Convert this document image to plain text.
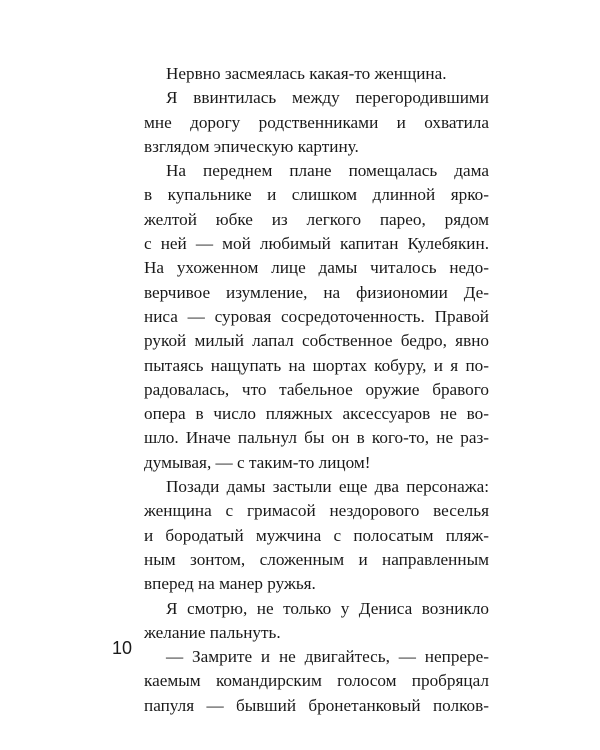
Нервно засмеялась какая-то женщина.
Я ввинтилась между перегородившими
мне дорогу родственниками и охватила
взглядом эпическую картину.
На переднем плане помещалась дама
в купальнике и слишком длинной ярко-
желтой юбке из легкого парео, рядом
с ней — мой любимый капитан Кулебякин.
На ухоженном лице дамы читалось недо-
верчивое изумление, на физиономии Де-
ниса — суровая сосредоточенность. Правой
рукой милый лапал собственное бедро, явно
пытаясь нащупать на шортах кобуру, и я по-
радовалась, что табельное оружие бравого
опера в число пляжных аксессуаров не во-
шло. Иначе пальнул бы он в кого-то, не раз-
думывая, — с таким-то лицом!
Позади дамы застыли еще два персонажа:
женщина с гримасой нездорового веселья
и бородатый мужчина с полосатым пляж-
ным зонтом, сложенным и направленным
вперед на манер ружья.
Я смотрю, не только у Дениса возникло
желание пальнуть.
— Замрите и не двигайтесь, — непрере-
каемым командирским голосом пробряцал
папуля — бывший бронетанковый полков-
10
